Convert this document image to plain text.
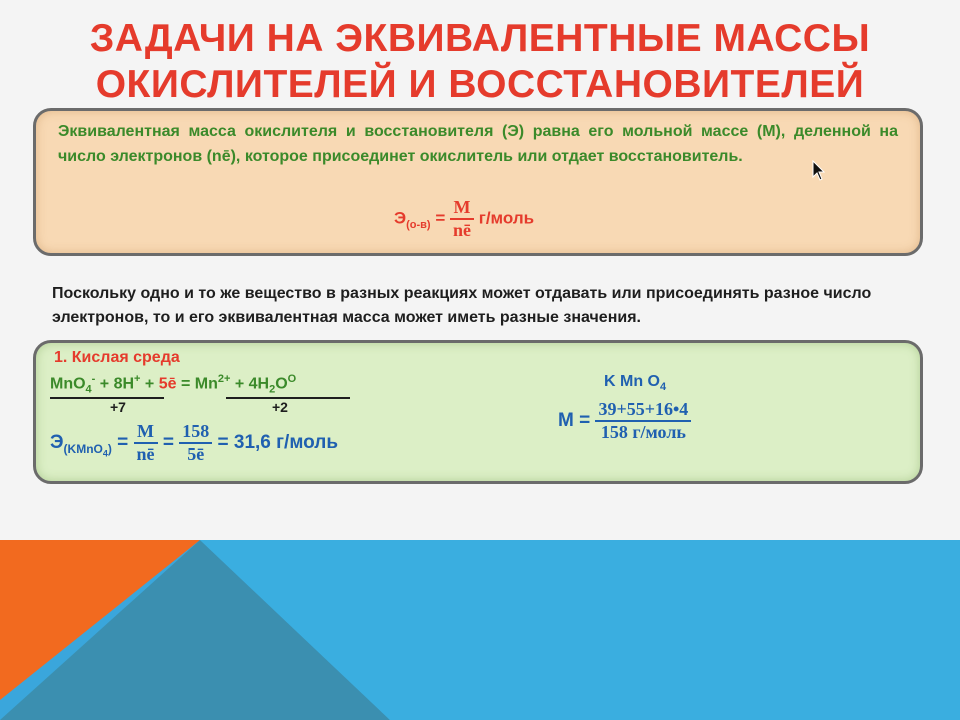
ЗАДАЧИ НА ЭКВИВАЛЕНТНЫЕ МАССЫ
ОКИСЛИТЕЛЕЙ И ВОССТАНОВИТЕЛЕЙ
Эквивалентная масса окислителя и восстановителя (Э) равна его мольной массе (М), деленной на число электронов (nē), которое присоединет окислитель или отдает восстановитель.
$Э_{(о-в)} = \frac{M}{nē}$ г/моль
Поскольку одно и то же вещество в разных реакциях может отдавать или присоединять разное число электронов, то и его эквивалентная масса может иметь разные значения.
1. Кислая среда
MnO$_4$- + 8H+ + 5ē = $Mn^{2+} + 4H_2O^O$
+7	+2
$Э_{(KMnO_4)} = \frac{M}{nē} = \frac{158}{5ē} = 31,6$ г/моль
K Mn $O_4$
$M = \frac{39+55+16•4}{\text{158 г/моль}}$
